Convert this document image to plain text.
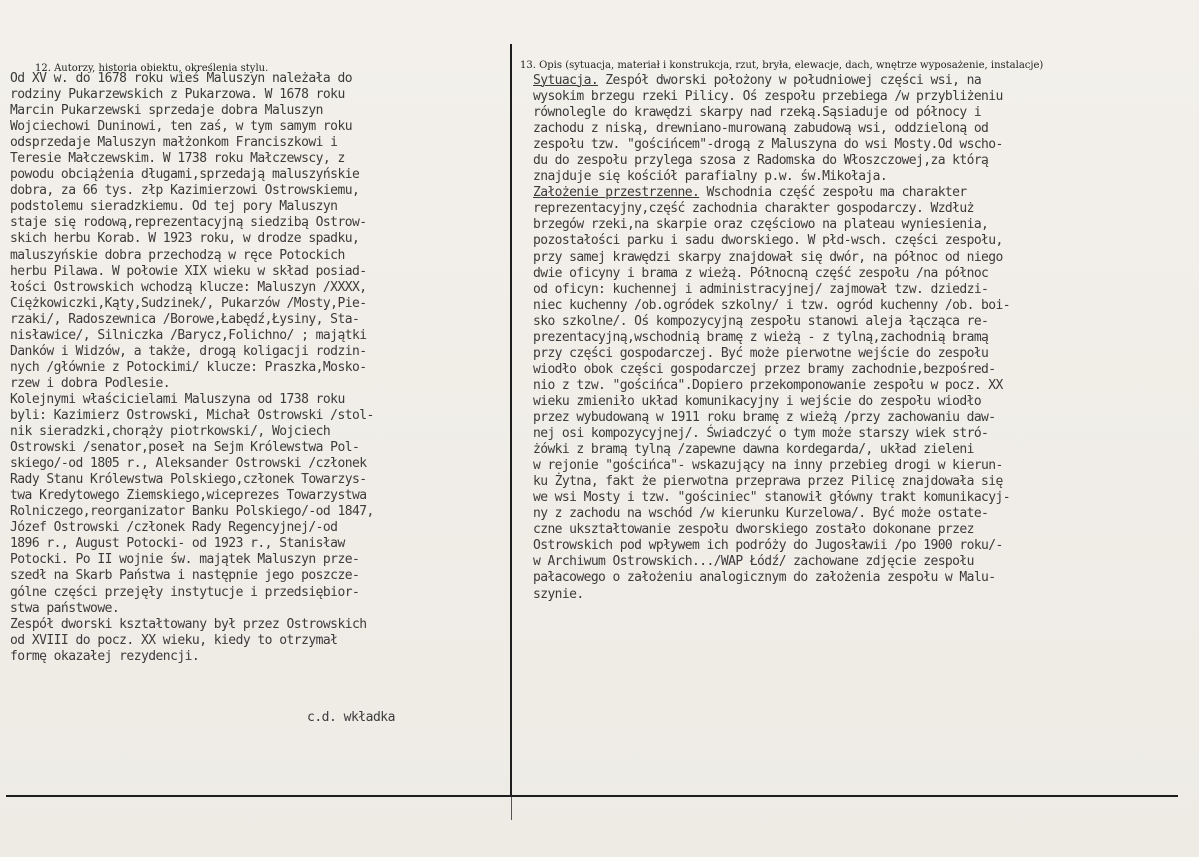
12. Autorzy, historia obiektu, określenia stylu.	13. Opis (sytuacja, materiał i konstrukcja, rzut, bryła, elewacje, dach, wnętrze wyposażenie, instalacje)
Od XV w. do 1678 roku wieś Maluszyn należała do
rodziny Pukarzewskich z Pukarzowa. W 1678 roku
Marcin Pukarzewski sprzedaje dobra Maluszyn
Wojciechowi Duninowi, ten zaś, w tym samym roku
odsprzedaje Maluszyn małżonkom Franciszkowi i
Teresie Małczewskim. W 1738 roku Małczewscy, z
powodu obciążenia długami,sprzedają maluszyńskie
dobra, za 66 tys. złp Kazimierzowi Ostrowskiemu,
podstolemu sieradzkiemu. Od tej pory Maluszyn
staje się rodową,reprezentacyjną siedzibą Ostrow-
skich herbu Korab. W 1923 roku, w drodze spadku,
maluszyńskie dobra przechodzą w ręce Potockich
herbu Pilawa. W połowie XIX wieku w skład posiad-
łości Ostrowskich wchodzą klucze: Maluszyn /XXXX,
Ciężkowiczki,Kąty,Sudzinek/, Pukarzów /Mosty,Pie-
rzaki/, Radoszewnica /Borowe,Łabędź,Łysiny, Sta-
nisławice/, Silniczka /Barycz,Folichno/ ; majątki
Danków i Widzów, a także, drogą koligacji rodzin-
nych /głównie z Potockimi/ klucze: Praszka,Mosko-
rzew i dobra Podlesie.
Kolejnymi właścicielami Maluszyna od 1738 roku
byli: Kazimierz Ostrowski, Michał Ostrowski /stol-
nik sieradzki,chorąży piotrkowski/, Wojciech
Ostrowski /senator,poseł na Sejm Królewstwa Pol-
skiego/-od 1805 r., Aleksander Ostrowski /członek
Rady Stanu Królewstwa Polskiego,członek Towarzys-
twa Kredytowego Ziemskiego,wiceprezes Towarzystwa
Rolniczego,reorganizator Banku Polskiego/-od 1847,
Józef Ostrowski /członek Rady Regencyjnej/-od
1896 r., August Potocki- od 1923 r., Stanisław
Potocki. Po II wojnie św. majątek Maluszyn prze-
szedł na Skarb Państwa i następnie jego poszcze-
gólne części przejęły instytucje i przedsiębior-
stwa państwowe.
Zespół dworski kształtowany był przez Ostrowskich
od XVIII do pocz. XX wieku, kiedy to otrzymał
formę okazałej rezydencji.
c.d. wkładka
Sytuacja. Zespół dworski położony w południowej części wsi, na
wysokim brzegu rzeki Pilicy. Oś zespołu przebiega /w przybliżeniu
równolegle do krawędzi skarpy nad rzeką.Sąsiaduje od północy i
zachodu z niską, drewniano-murowaną zabudową wsi, oddzieloną od
zespołu tzw. "gościńcem"-drogą z Maluszyna do wsi Mosty.Od wscho-
du do zespołu przylega szosa z Radomska do Włoszczowej,za którą
znajduje się kościół parafialny p.w. św.Mikołaja.
Założenie przestrzenne. Wschodnia część zespołu ma charakter
reprezentacyjny,część zachodnia charakter gospodarczy. Wzdłuż
brzegów rzeki,na skarpie oraz częściowo na plateau wyniesienia,
pozostałości parku i sadu dworskiego. W płd-wsch. części zespołu,
przy samej krawędzi skarpy znajdował się dwór, na północ od niego
dwie oficyny i brama z wieżą. Północną część zespołu /na północ
od oficyn: kuchennej i administracyjnej/ zajmował tzw. dziedzi-
niec kuchenny /ob.ogródek szkolny/ i tzw. ogród kuchenny /ob. boi-
sko szkolne/. Oś kompozycyjną zespołu stanowi aleja łącząca re-
prezentacyjną,wschodnią bramę z wieżą - z tylną,zachodnią bramą
przy części gospodarczej. Być może pierwotne wejście do zespołu
wiodło obok części gospodarczej przez bramy zachodnie,bezpośred-
nio z tzw. "gościńca".Dopiero przekomponowanie zespołu w pocz. XX
wieku zmieniło układ komunikacyjny i wejście do zespołu wiodło
przez wybudowaną w 1911 roku bramę z wieżą /przy zachowaniu daw-
nej osi kompozycyjnej/. Świadczyć o tym może starszy wiek stró-
żówki z bramą tylną /zapewne dawna kordegarda/, układ zieleni
w rejonie "gościńca"- wskazujący na inny przebieg drogi w kierun-
ku Żytna, fakt że pierwotna przeprawa przez Pilicę znajdowała się
we wsi Mosty i tzw. "gościniec" stanowił główny trakt komunikacyj-
ny z zachodu na wschód /w kierunku Kurzelowa/. Być może ostate-
czne ukształtowanie zespołu dworskiego zostało dokonane przez
Ostrowskich pod wpływem ich podróży do Jugosławii /po 1900 roku/-
w Archiwum Ostrowskich.../WAP Łódź/ zachowane zdjęcie zespołu
pałacowego o założeniu analogicznym do założenia zespołu w Malu-
szynie.
